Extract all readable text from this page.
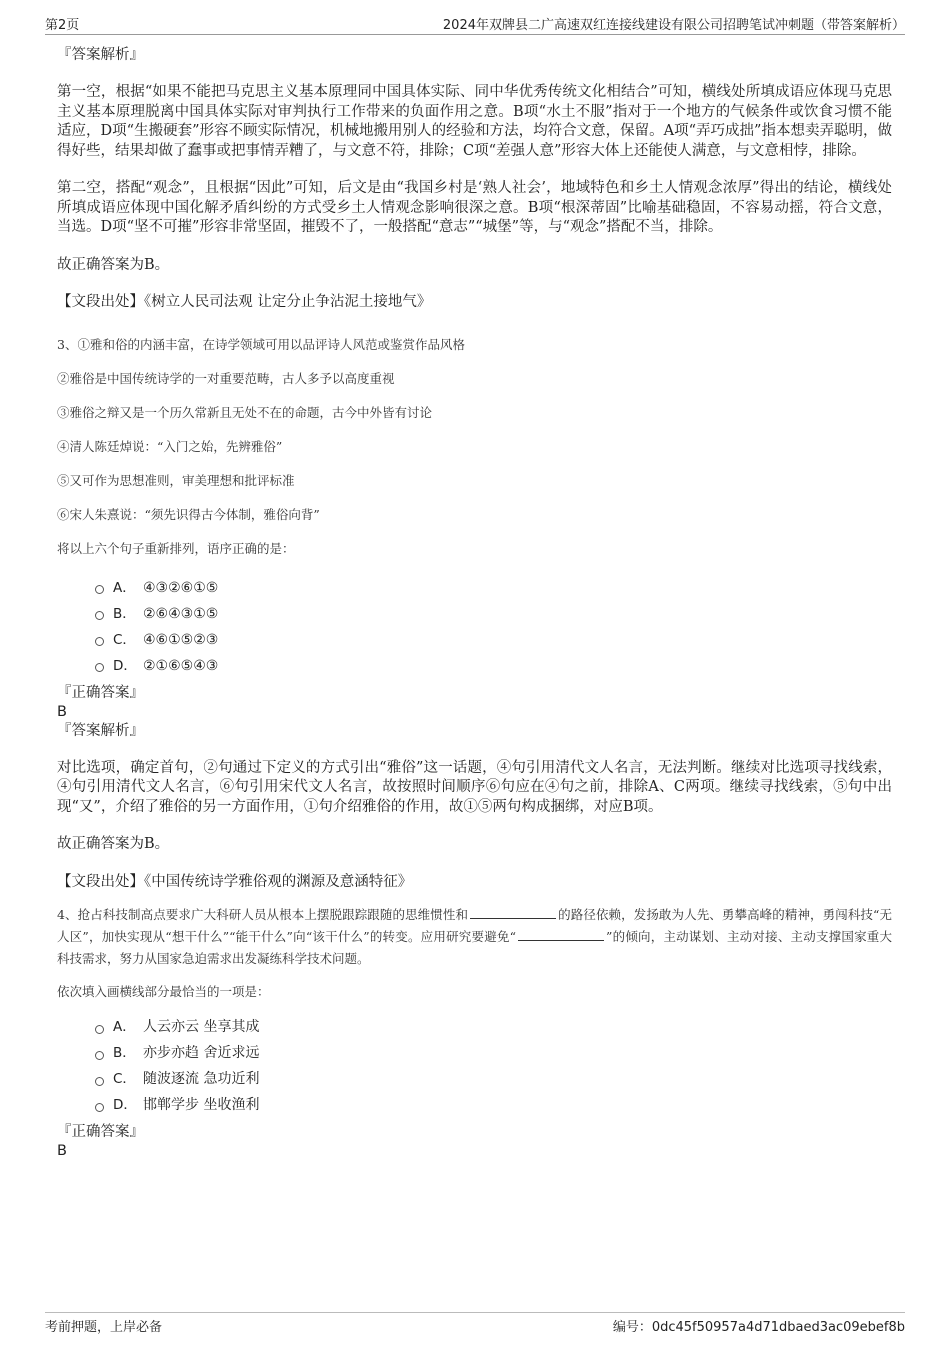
第2页	2024年双牌县二广高速双红连接线建设有限公司招聘笔试冲刺题（带答案解析）

『答案解析』

第一空，根据“如果不能把马克思主义基本原理同中国具体实际、同中华优秀传统文化相结合”可知，横线处所填成语应体现马克思主义基本原理脱离中国具体实际对审判执行工作带来的负面作用之意。B项“水土不服”指对于一个地方的气候条件或饮食习惯不能适应，D项“生搬硬套”形容不顾实际情况，机械地搬用别人的经验和方法，均符合文意，保留。A项“弄巧成拙”指本想卖弄聪明，做得好些，结果却做了蠢事或把事情弄糟了，与文意不符，排除；C项“差强人意”形容大体上还能使人满意，与文意相悖，排除。

第二空，搭配“观念”，且根据“因此”可知，后文是由“我国乡村是‘熟人社会’，地域特色和乡土人情观念浓厚”得出的结论，横线处所填成语应体现中国化解矛盾纠纷的方式受乡土人情观念影响很深之意。B项“根深蒂固”比喻基础稳固，不容易动摇，符合文意，当选。D项“坚不可摧”形容非常坚固，摧毁不了，一般搭配“意志”“城堡”等，与“观念”搭配不当，排除。

故正确答案为B。

【文段出处】《树立人民司法观 让定分止争沾泥土接地气》

3、①雅和俗的内涵丰富，在诗学领域可用以品评诗人风范或鉴赏作品风格

②雅俗是中国传统诗学的一对重要范畴，古人多予以高度重视

③雅俗之辩又是一个历久常新且无处不在的命题，古今中外皆有讨论

④清人陈廷焯说：“入门之始，先辨雅俗”

⑤又可作为思想准则，审美理想和批评标准

⑥宋人朱熹说：“须先识得古今体制，雅俗向背”

将以上六个句子重新排列，语序正确的是：

A． ④③②⑥①⑤
B． ②⑥④③①⑤
C． ④⑥①⑤②③
D． ②①⑥⑤④③

『正确答案』

B

『答案解析』

对比选项，确定首句，②句通过下定义的方式引出“雅俗”这一话题，④句引用清代文人名言，无法判断。继续对比选项寻找线索，④句引用清代文人名言，⑥句引用宋代文人名言，故按照时间顺序⑥句应在④句之前，排除A、C两项。继续寻找线索，⑤句中出现“又”，介绍了雅俗的另一方面作用，①句介绍雅俗的作用，故①⑤两句构成捆绑，对应B项。

故正确答案为B。

【文段出处】《中国传统诗学雅俗观的渊源及意涵特征》

4、抢占科技制高点要求广大科研人员从根本上摆脱跟踪跟随的思维惯性和	的路径依赖，发扬敢为人先、勇攀高峰的精神，勇闯科技“无人区”，加快实现从“想干什么”“能干什么”向“该干什么”的转变。应用研究要避免“	”的倾向，主动谋划、主动对接、主动支撑国家重大科技需求，努力从国家急迫需求出发凝练科学技术问题。

依次填入画横线部分最恰当的一项是：

A． 人云亦云 坐享其成
B． 亦步亦趋 舍近求远
C． 随波逐流 急功近利
D． 邯郸学步 坐收渔利

『正确答案』

B

考前押题，上岸必备	编号：0dc45f50957a4d71dbaed3ac09ebef8b
